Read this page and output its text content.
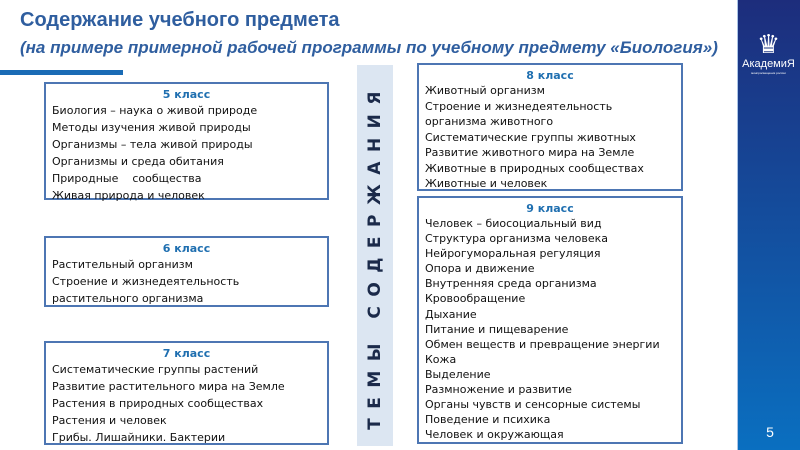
Содержание учебного предмета
(на примере примерной рабочей программы по учебному предмету «Биология»)
5 класс
Биология – наука о живой природе
Методы изучения живой природы
Организмы – тела живой природы
Организмы и среда обитания
Природные    сообщества
Живая природа и человек
6 класс
Растительный организм
Строение и жизнедеятельность растительного организма
7 класс
Систематические группы растений
Развитие растительного мира на Земле
Растения в природных сообществах
Растения и человек
Грибы. Лишайники. Бактерии
8 класс
Животный организм
Строение и жизнедеятельность организма животного
Систематические группы животных
Развитие животного мира на Земле
Животные в природных сообществах
Животные и человек
9 класс
Человек – биосоциальный вид
Структура организма человека
Нейрогуморальная регуляция
Опора и движение
Внутренняя среда организма
Кровообращение
Дыхание
Питание и пищеварение
Обмен веществ и превращение энергии
Кожа
Выделение
Размножение и развитие
Органы чувств и сенсорные системы
Поведение и психика
Человек и окружающая
ТЕМЫ СОДЕРЖАНИЯ
♛
АкадемиЯ
минпросвещения россии
5
